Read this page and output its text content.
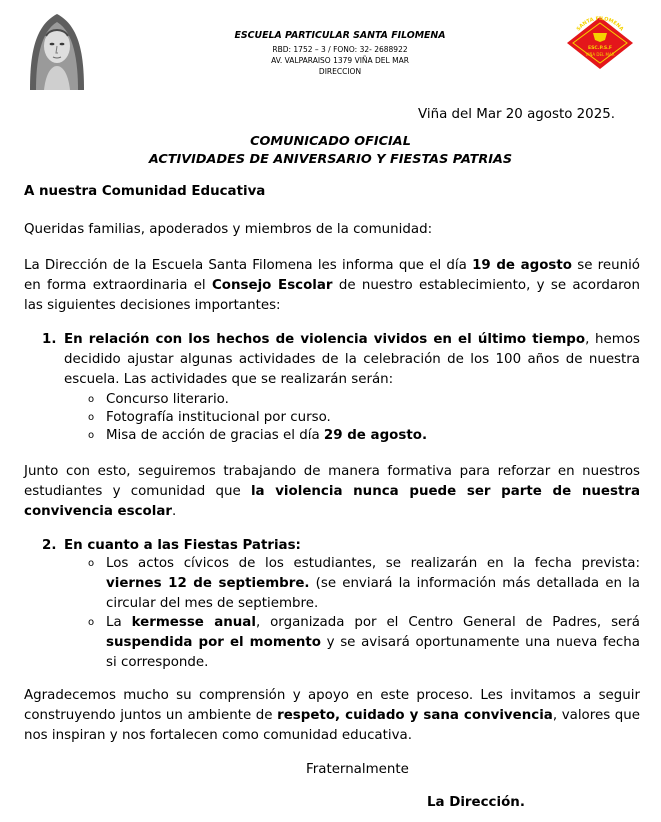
ESCUELA PARTICULAR SANTA FILOMENA
RBD: 1752 – 3 / FONO: 32- 2688922
AV. VALPARAISO 1379 VIÑA DEL MAR
DIRECCION
SANTA FILOMENA
ESC.P.S.F
VIÑA DEL MAR
Viña del Mar 20 agosto 2025.
COMUNICADO OFICIAL
ACTIVIDADES DE ANIVERSARIO Y FIESTAS PATRIAS
A nuestra Comunidad Educativa
Queridas familias, apoderados y miembros de la comunidad:
La Dirección de la Escuela Santa Filomena les informa que el día 19 de agosto se reunió en forma extraordinaria el Consejo Escolar de nuestro establecimiento, y se acordaron las siguientes decisiones importantes:
1. En relación con los hechos de violencia vividos en el último tiempo, hemos decidido ajustar algunas actividades de la celebración de los 100 años de nuestra escuela. Las actividades que se realizarán serán:
o Concurso literario.
o Fotografía institucional por curso.
o Misa de acción de gracias el día 29 de agosto.
Junto con esto, seguiremos trabajando de manera formativa para reforzar en nuestros estudiantes y comunidad que la violencia nunca puede ser parte de nuestra convivencia escolar.
2. En cuanto a las Fiestas Patrias:
o Los actos cívicos de los estudiantes, se realizarán en la fecha prevista: viernes 12 de septiembre. (se enviará la información más detallada en la circular del mes de septiembre.
o La kermesse anual, organizada por el Centro General de Padres, será suspendida por el momento y se avisará oportunamente una nueva fecha si corresponde.
Agradecemos mucho su comprensión y apoyo en este proceso. Les invitamos a seguir construyendo juntos un ambiente de respeto, cuidado y sana convivencia, valores que nos inspiran y nos fortalecen como comunidad educativa.
Fraternalmente
La Dirección.
